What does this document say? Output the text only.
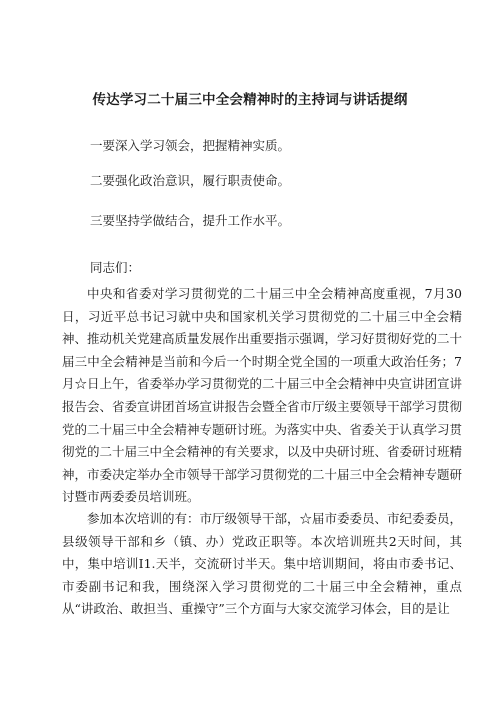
传达学习二十届三中全会精神时的主持词与讲话提纲
一要深入学习领会，把握精神实质。
二要强化政治意识，履行职责使命。
三要坚持学做结合，提升工作水平。
同志们：

中央和省委对学习贯彻党的二十届三中全会精神高度重视，7月30日，习近平总书记习就中央和国家机关学习贯彻党的二十届三中全会精神、推动机关党建高质量发展作出重要指示强调，学习好贯彻好党的二十届三中全会精神是当前和今后一个时期全党全国的一项重大政治任务；7月☆日上午，省委举办学习贯彻党的二十届三中全会精神中央宣讲团宣讲报告会、省委宣讲团首场宣讲报告会暨全省市厅级主要领导干部学习贯彻党的二十届三中全会精神专题研讨班。为落实中央、省委关于认真学习贯彻党的二十届三中全会精神的有关要求，以及中央研讨班、省委研讨班精神，市委决定举办全市领导干部学习贯彻党的二十届三中全会精神专题研讨暨市两委委员培训班。

参加本次培训的有：市厅级领导干部，☆届市委委员、市纪委委员，县级领导干部和乡（镇、办）党政正职等。本次培训班共2天时间，其中，集中培训I1.天半，交流研讨半天。集中培训期间，将由市委书记、市委副书记和我，围绕深入学习贯彻党的二十届三中全会精神，重点从“讲政治、敢担当、重操守”三个方面与大家交流学习体会，目的是让
